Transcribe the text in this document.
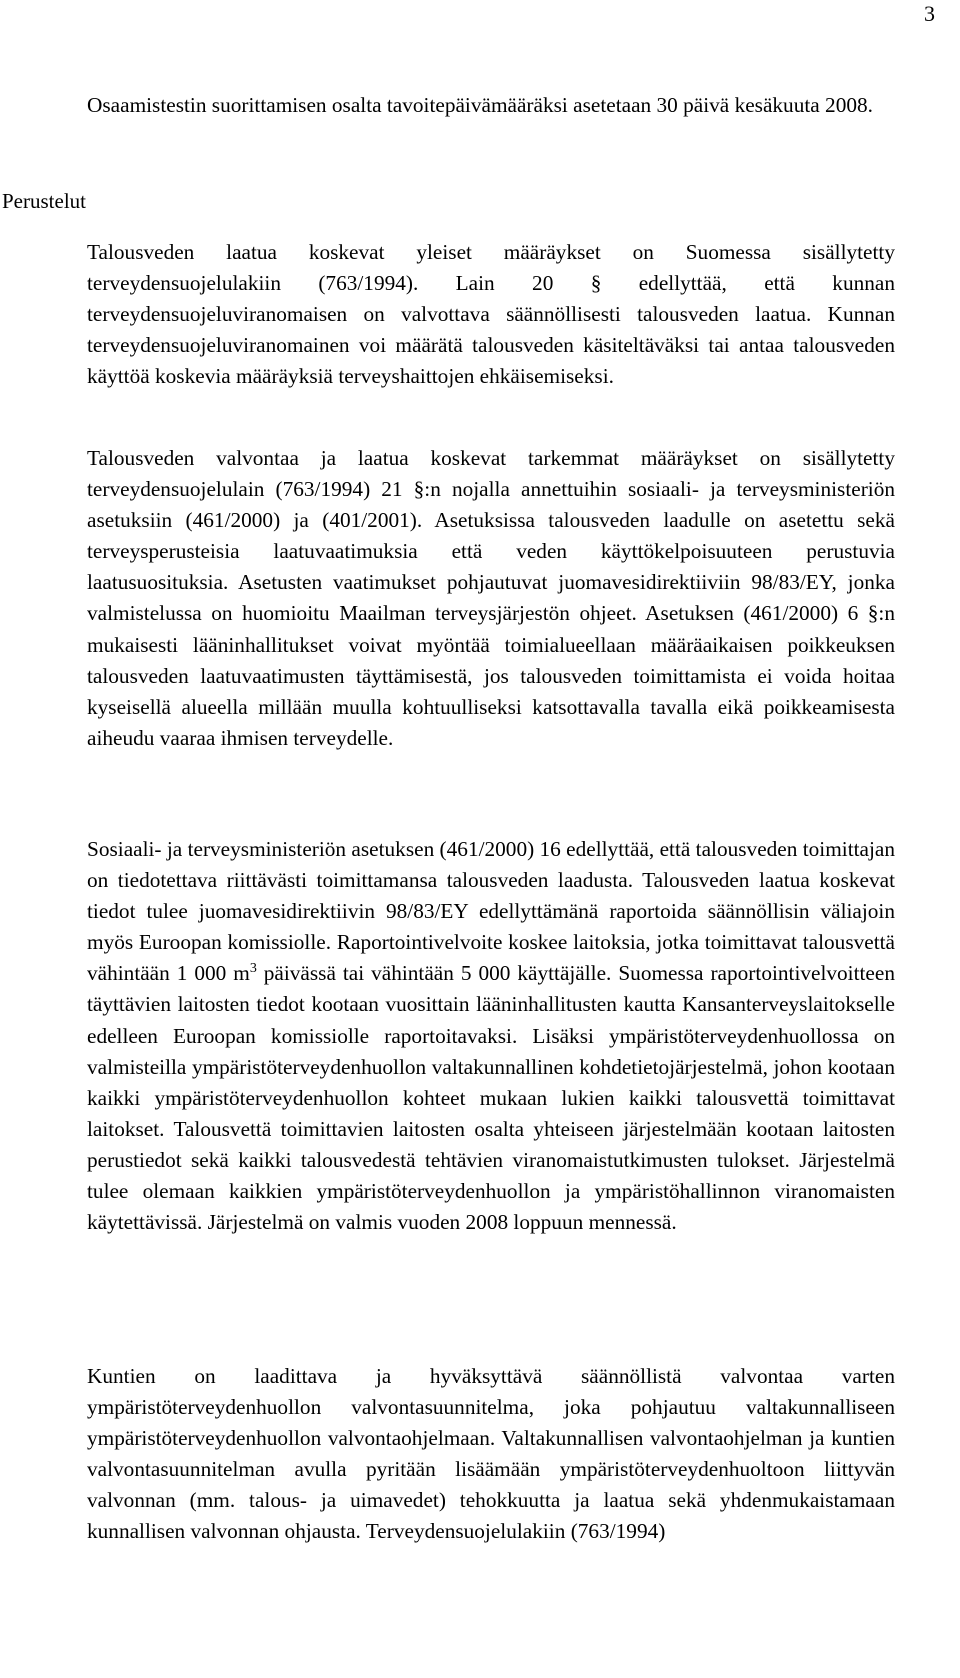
3
Perustelut

Osaamistestin suorittamisen osalta tavoitepäivämääräksi asetetaan 30 päivä kesäkuuta 2008.

Talousveden laatua koskevat yleiset määräykset on Suomessa sisällytetty terveydensuojelulakiin (763/1994). Lain 20 § edellyttää, että kunnan terveydensuojeluviranomaisen on valvottava säännöllisesti talousveden laatua. Kunnan terveydensuojeluviranomainen voi määrätä talousveden käsiteltäväksi tai antaa talousveden käyttöä koskevia määräyksiä terveyshaittojen ehkäisemiseksi.

Talousveden valvontaa ja laatua koskevat tarkemmat määräykset on sisällytetty terveydensuojelulain (763/1994) 21 §:n nojalla annettuihin sosiaali- ja terveysministeriön asetuksiin (461/2000) ja (401/2001). Asetuksissa talousveden laadulle on asetettu sekä terveysperusteisia laatuvaatimuksia että veden käyttökelpoisuuteen perustuvia laatusuosituksia. Asetusten vaatimukset pohjautuvat juomavesidirektiiviin 98/83/EY, jonka valmistelussa on huomioitu Maailman terveysjärjestön ohjeet. Asetuksen (461/2000) 6 §:n mukaisesti lääninhallitukset voivat myöntää toimialueellaan määräaikaisen poikkeuksen talousveden laatuvaatimusten täyttämisestä, jos talousveden toimittamista ei voida hoitaa kyseisellä alueella millään muulla kohtuulliseksi katsottavalla tavalla eikä poikkeamisesta aiheudu vaaraa ihmisen terveydelle.

Sosiaali- ja terveysministeriön asetuksen (461/2000) 16 edellyttää, että talousveden toimittajan on tiedotettava riittävästi toimittamansa talousveden laadusta. Talousveden laatua koskevat tiedot tulee juomavesidirektiivin 98/83/EY edellyttämänä raportoida säännöllisin väliajoin myös Euroopan komissiolle. Raportointivelvoite koskee laitoksia, jotka toimittavat talousvettä vähintään 1 000 $m^3$ päivässä tai vähintään 5 000 käyttäjälle. Suomessa raportointivelvoitteen täyttävien laitosten tiedot kootaan vuosittain lääninhallitusten kautta Kansanterveyslaitokselle edelleen Euroopan komissiolle raportoitavaksi. Lisäksi ympäristöterveydenhuollossa on valmisteilla ympäristöterveydenhuollon valtakunnallinen kohdetietojärjestelmä, johon kootaan kaikki ympäristöterveydenhuollon kohteet mukaan lukien kaikki talousvettä toimittavat laitokset. Talousvettä toimittavien laitosten osalta yhteiseen järjestelmään kootaan laitosten perustiedot sekä kaikki talousvedestä tehtävien viranomaistutkimusten tulokset. Järjestelmä tulee olemaan kaikkien ympäristöterveydenhuollon ja ympäristöhallinnon viranomaisten käytettävissä. Järjestelmä on valmis vuoden 2008 loppuun mennessä.

Kuntien on laadittava ja hyväksyttävä säännöllistä valvontaa varten ympäristöterveydenhuollon valvontasuunnitelma, joka pohjautuu valtakunnalliseen ympäristöterveydenhuollon valvontaohjelmaan. Valtakunnallisen valvontaohjelman ja kuntien valvontasuunnitelman avulla pyritään lisäämään ympäristöterveydenhuoltoon liittyvän valvonnan (mm. talous- ja uimavedet) tehokkuutta ja laatua sekä yhdenmukaistamaan kunnallisen valvonnan ohjausta. Terveydensuojelulakiin (763/1994)
